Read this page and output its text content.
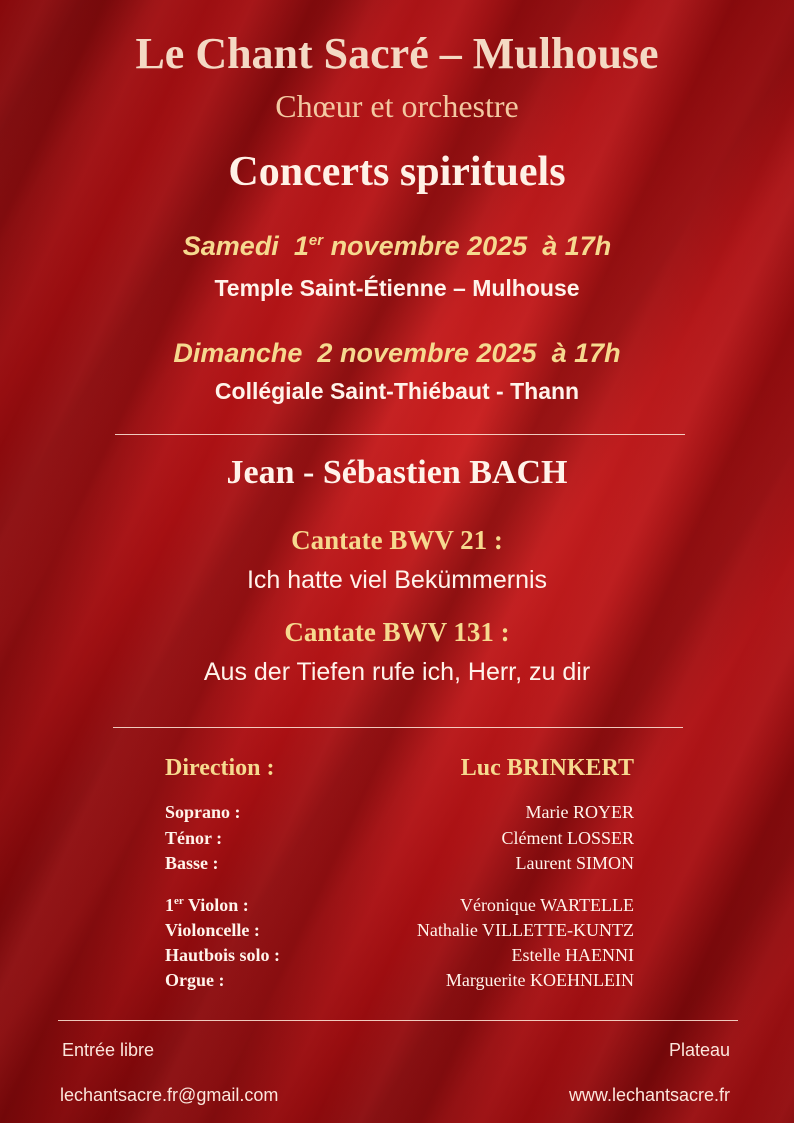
Le Chant Sacré – Mulhouse
Chœur et orchestre
Concerts spirituels
Samedi 1er novembre 2025 à 17h
Temple Saint-Étienne – Mulhouse
Dimanche 2 novembre 2025 à 17h
Collégiale Saint-Thiébaut - Thann
Jean - Sébastien BACH
Cantate BWV 21 :
Ich hatte viel Bekümmernis
Cantate BWV 131 :
Aus der Tiefen rufe ich, Herr, zu dir
Direction :	Luc BRINKERT
Soprano :	Marie ROYER
Ténor :	Clément LOSSER
Basse :	Laurent SIMON
1er Violon :	Véronique WARTELLE
Violoncelle :	Nathalie VILLETTE-KUNTZ
Hautbois solo :	Estelle HAENNI
Orgue :	Marguerite KOEHNLEIN
Entrée libre	Plateau
lechantsacre.fr@gmail.com	www.lechantsacre.fr
